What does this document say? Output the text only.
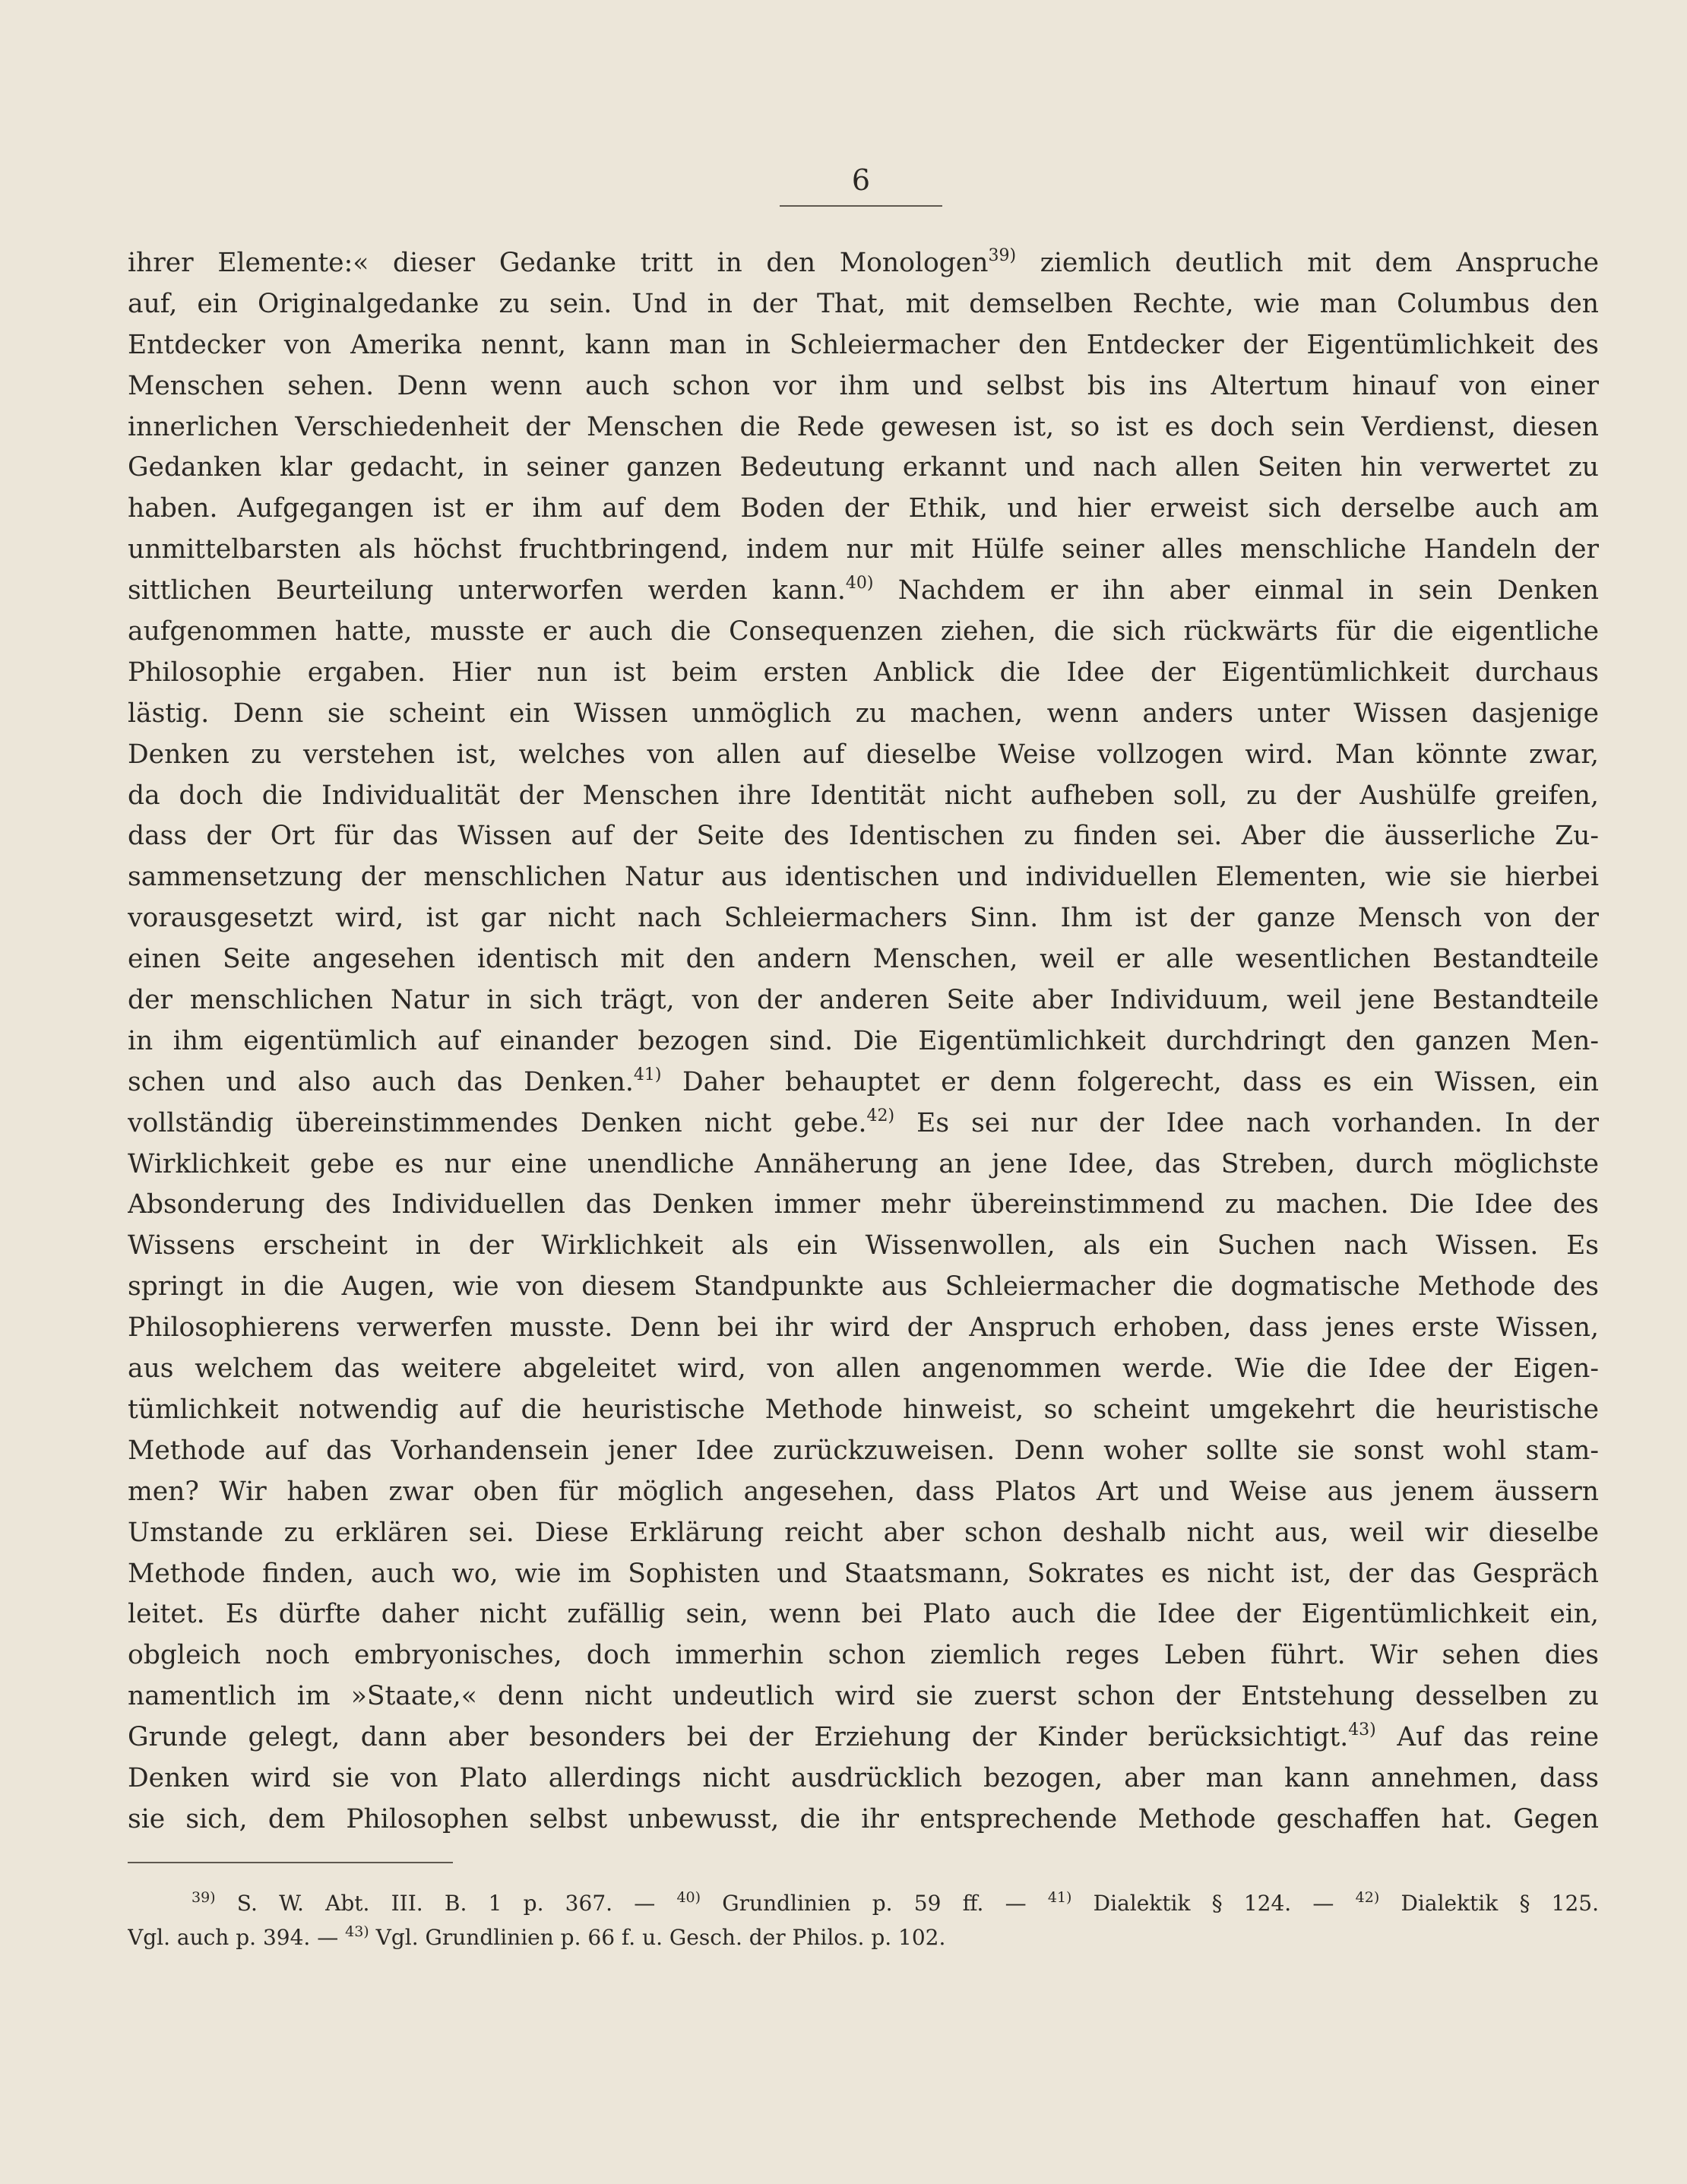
6
ihrer Elemente:« dieser Gedanke tritt in den Monologen$^{39)}$ ziemlich deutlich mit dem Anspruche
auf, ein Originalgedanke zu sein. Und in der That, mit demselben Rechte, wie man Columbus den
Entdecker von Amerika nennt, kann man in Schleiermacher den Entdecker der Eigentümlichkeit des
Menschen sehen. Denn wenn auch schon vor ihm und selbst bis ins Altertum hinauf von einer
innerlichen Verschiedenheit der Menschen die Rede gewesen ist, so ist es doch sein Verdienst, diesen
Gedanken klar gedacht, in seiner ganzen Bedeutung erkannt und nach allen Seiten hin verwertet zu
haben. Aufgegangen ist er ihm auf dem Boden der Ethik, und hier erweist sich derselbe auch am
unmittelbarsten als höchst fruchtbringend, indem nur mit Hülfe seiner alles menschliche Handeln der
sittlichen Beurteilung unterworfen werden kann.$^{40)}$ Nachdem er ihn aber einmal in sein Denken
aufgenommen hatte, musste er auch die Consequenzen ziehen, die sich rückwärts für die eigentliche
Philosophie ergaben. Hier nun ist beim ersten Anblick die Idee der Eigentümlichkeit durchaus
lästig. Denn sie scheint ein Wissen unmöglich zu machen, wenn anders unter Wissen dasjenige
Denken zu verstehen ist, welches von allen auf dieselbe Weise vollzogen wird. Man könnte zwar,
da doch die Individualität der Menschen ihre Identität nicht aufheben soll, zu der Aushülfe greifen,
dass der Ort für das Wissen auf der Seite des Identischen zu finden sei. Aber die äusserliche Zu-
sammensetzung der menschlichen Natur aus identischen und individuellen Elementen, wie sie hierbei
vorausgesetzt wird, ist gar nicht nach Schleiermachers Sinn. Ihm ist der ganze Mensch von der
einen Seite angesehen identisch mit den andern Menschen, weil er alle wesentlichen Bestandteile
der menschlichen Natur in sich trägt, von der anderen Seite aber Individuum, weil jene Bestandteile
in ihm eigentümlich auf einander bezogen sind. Die Eigentümlichkeit durchdringt den ganzen Men-
schen und also auch das Denken.$^{41)}$ Daher behauptet er denn folgerecht, dass es ein Wissen, ein
vollständig übereinstimmendes Denken nicht gebe.$^{42)}$ Es sei nur der Idee nach vorhanden. In der
Wirklichkeit gebe es nur eine unendliche Annäherung an jene Idee, das Streben, durch möglichste
Absonderung des Individuellen das Denken immer mehr übereinstimmend zu machen. Die Idee des
Wissens erscheint in der Wirklichkeit als ein Wissenwollen, als ein Suchen nach Wissen. Es
springt in die Augen, wie von diesem Standpunkte aus Schleiermacher die dogmatische Methode des
Philosophierens verwerfen musste. Denn bei ihr wird der Anspruch erhoben, dass jenes erste Wissen,
aus welchem das weitere abgeleitet wird, von allen angenommen werde. Wie die Idee der Eigen-
tümlichkeit notwendig auf die heuristische Methode hinweist, so scheint umgekehrt die heuristische
Methode auf das Vorhandensein jener Idee zurückzuweisen. Denn woher sollte sie sonst wohl stam-
men? Wir haben zwar oben für möglich angesehen, dass Platos Art und Weise aus jenem äussern
Umstande zu erklären sei. Diese Erklärung reicht aber schon deshalb nicht aus, weil wir dieselbe
Methode finden, auch wo, wie im Sophisten und Staatsmann, Sokrates es nicht ist, der das Gespräch
leitet. Es dürfte daher nicht zufällig sein, wenn bei Plato auch die Idee der Eigentümlichkeit ein,
obgleich noch embryonisches, doch immerhin schon ziemlich reges Leben führt. Wir sehen dies
namentlich im »Staate,« denn nicht undeutlich wird sie zuerst schon der Entstehung desselben zu
Grunde gelegt, dann aber besonders bei der Erziehung der Kinder berücksichtigt.$^{43)}$ Auf das reine
Denken wird sie von Plato allerdings nicht ausdrücklich bezogen, aber man kann annehmen, dass
sie sich, dem Philosophen selbst unbewusst, die ihr entsprechende Methode geschaffen hat. Gegen
$^{39)}$ S. W. Abt. III. B. 1 p. 367. — $^{40)}$ Grundlinien p. 59 ff. — $^{41)}$ Dialektik § 124. — $^{42)}$ Dialektik § 125.
Vgl. auch p. 394. — $^{43)}$ Vgl. Grundlinien p. 66 f. u. Gesch. der Philos. p. 102.
